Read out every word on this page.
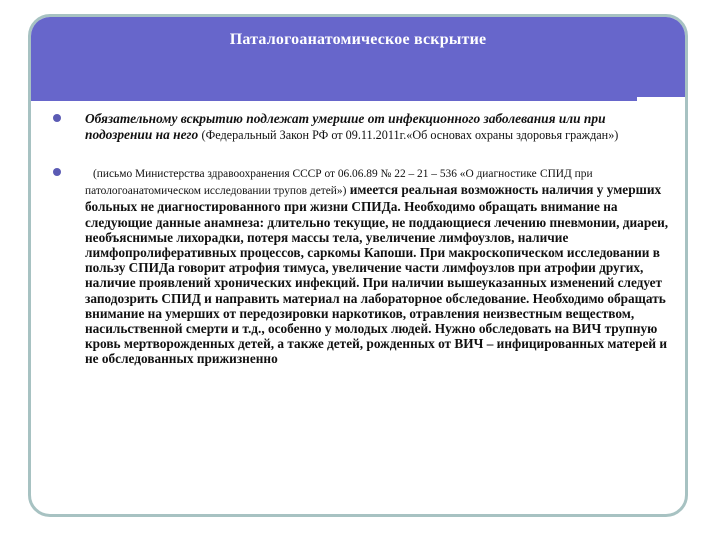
Паталогоанатомическое вскрытие
Обязательному вскрытию подлежат умершие от инфекционного заболевания или при подозрении на него (Федеральный Закон РФ от 09.11.2011г.«Об основах охраны здоровья граждан»)
(письмо Министерства здравоохранения СССР от 06.06.89 № 22 – 21 – 536 «О диагностике СПИД при патологоанатомическом исследовании трупов детей») имеется реальная возможность наличия у умерших больных не диагностированного при жизни СПИДа. Необходимо обращать внимание на следующие данные анамнеза: длительно текущие, не поддающиеся лечению пневмонии, диареи, необъяснимые лихорадки, потеря массы тела, увеличение лимфоузлов, наличие лимфопролиферативных процессов, саркомы Капоши. При макроскопическом исследовании в пользу СПИДа говорит атрофия тимуса, увеличение части лимфоузлов при атрофии других, наличие проявлений хронических инфекций. При наличии вышеуказанных изменений следует заподозрить СПИД и направить материал на лабораторное обследование. Необходимо обращать внимание на умерших от передозировки наркотиков, отравления неизвестным веществом, насильственной смерти и т.д., особенно у молодых людей. Нужно обследовать на ВИЧ трупную кровь мертворожденных детей, а также детей, рожденных от ВИЧ – инфицированных матерей и не обследованных прижизненно
